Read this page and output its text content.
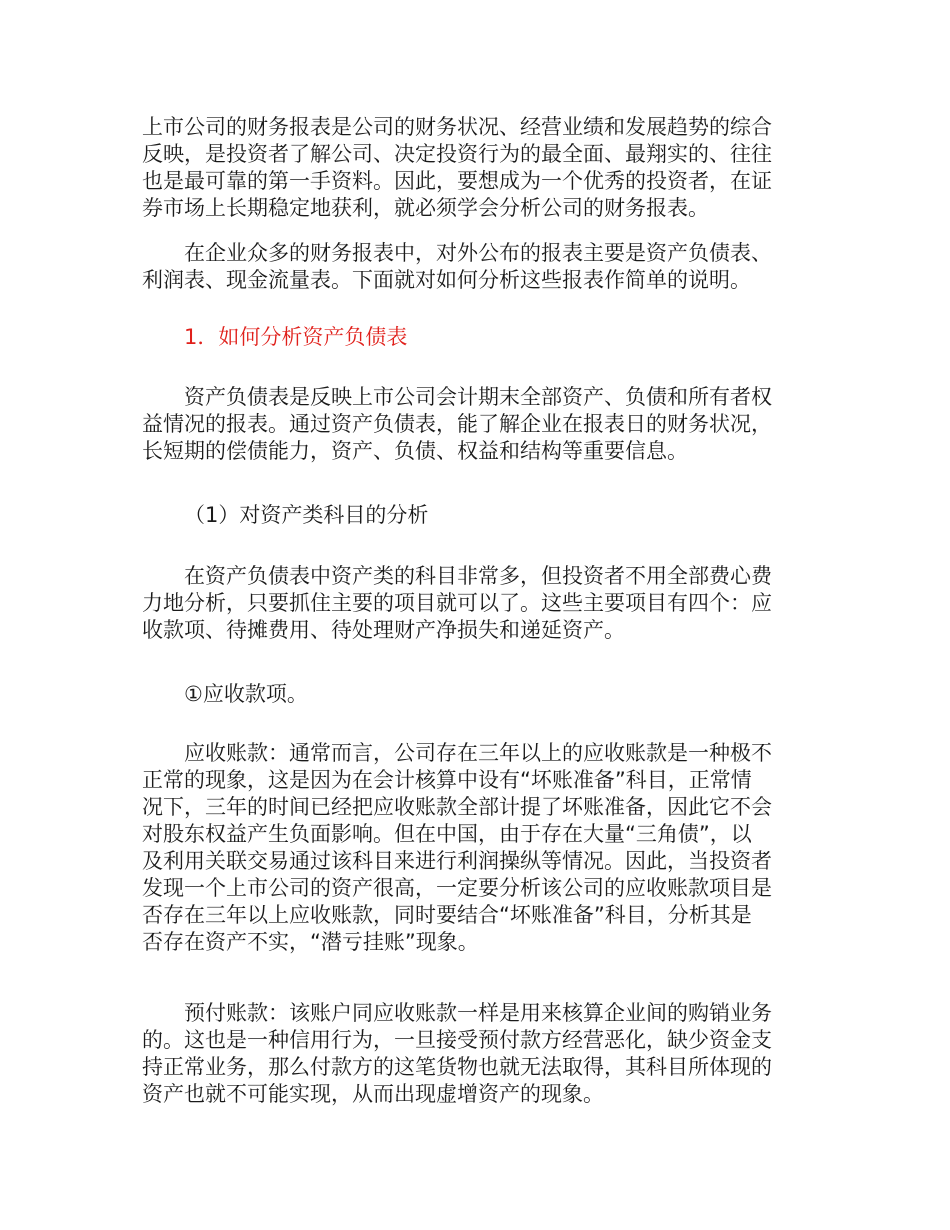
上市公司的财务报表是公司的财务状况、经营业绩和发展趋势的综合
反映，是投资者了解公司、决定投资行为的最全面、最翔实的、往往
也是最可靠的第一手资料。因此，要想成为一个优秀的投资者，在证
券市场上长期稳定地获利，就必须学会分析公司的财务报表。
在企业众多的财务报表中，对外公布的报表主要是资产负债表、
利润表、现金流量表。下面就对如何分析这些报表作简单的说明。
1．如何分析资产负债表
资产负债表是反映上市公司会计期末全部资产、负债和所有者权
益情况的报表。通过资产负债表，能了解企业在报表日的财务状况，
长短期的偿债能力，资产、负债、权益和结构等重要信息。
（1）对资产类科目的分析
在资产负债表中资产类的科目非常多，但投资者不用全部费心费
力地分析，只要抓住主要的项目就可以了。这些主要项目有四个：应
收款项、待摊费用、待处理财产净损失和递延资产。
①应收款项。
应收账款：通常而言，公司存在三年以上的应收账款是一种极不
正常的现象，这是因为在会计核算中设有“坏账准备”科目，正常情
况下，三年的时间已经把应收账款全部计提了坏账准备，因此它不会
对股东权益产生负面影响。但在中国，由于存在大量“三角债”，以
及利用关联交易通过该科目来进行利润操纵等情况。因此，当投资者
发现一个上市公司的资产很高，一定要分析该公司的应收账款项目是
否存在三年以上应收账款，同时要结合“坏账准备”科目，分析其是
否存在资产不实，“潜亏挂账”现象。
预付账款：该账户同应收账款一样是用来核算企业间的购销业务
的。这也是一种信用行为，一旦接受预付款方经营恶化，缺少资金支
持正常业务，那么付款方的这笔货物也就无法取得，其科目所体现的
资产也就不可能实现，从而出现虚增资产的现象。
